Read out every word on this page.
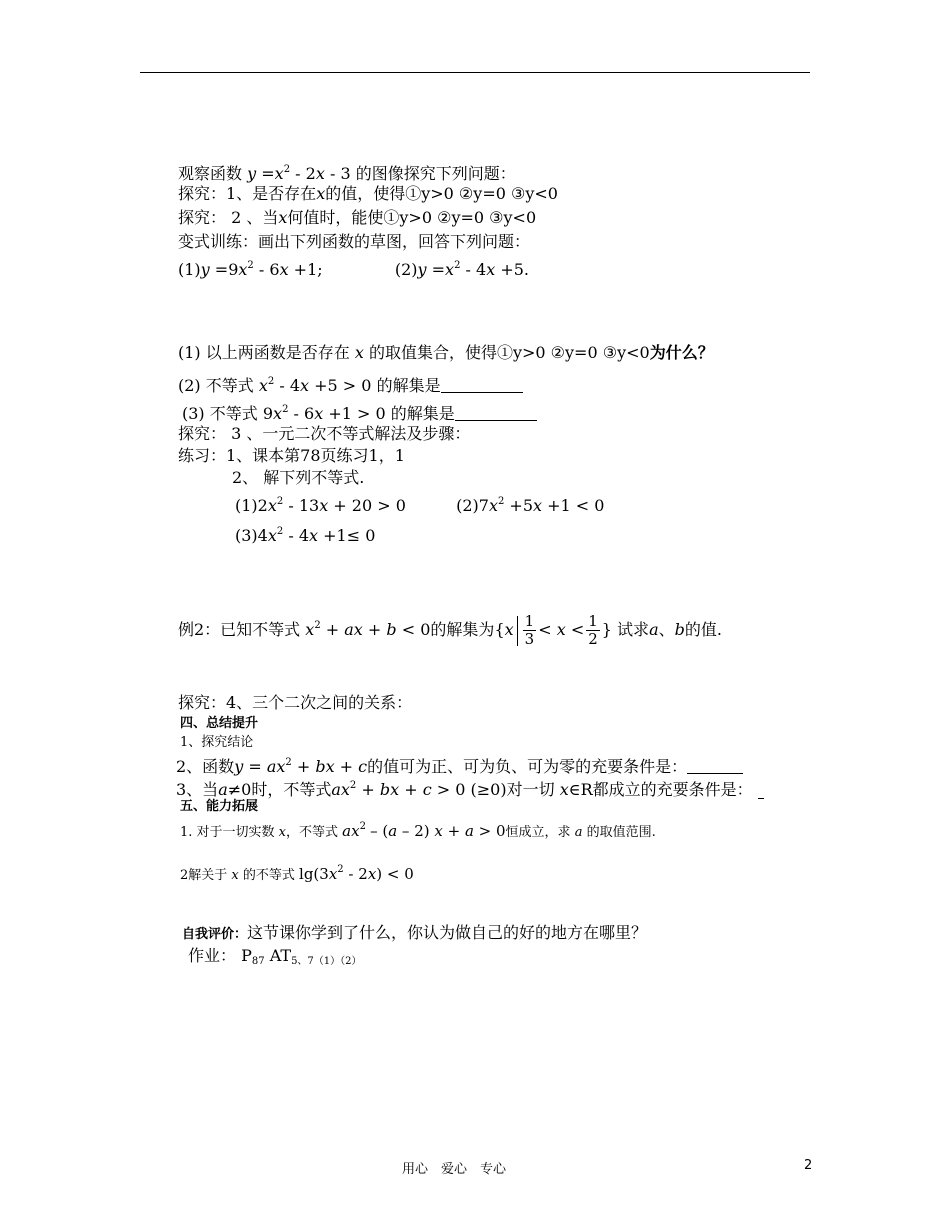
观察函数 $y =x^2 - 2x - 3$ 的图像探究下列问题：
探究：1、是否存在x的值，使得①y>0 ②y=0 ③y<0
探究： 2 、当x何值时，能使①y>0 ②y=0 ③y<0
变式训练：画出下列函数的草图，回答下列问题：
$(1)y =9x^2 - 6x +1$;	$(2)y =x^2 - 4x +5$.
(1) 以上两函数是否存在 x 的取值集合，使得①y>0 ②y=0 ③y<0为什么？
(2) 不等式 $x^2 - 4x +5 > 0$ 的解集是
(3) 不等式 $9x^2 - 6x +1 > 0$ 的解集是
探究： 3 、一元二次不等式解法及步骤：
练习：1、课本第78页练习1，1
2、 解下列不等式.
$(1)2x^2 - 13x + 20 > 0$	$(2)7x^2 +5x +1 < 0$
$(3)4x^2 - 4x +1\le 0$
例2：已知不等式 $x^2$ + ax + b < 0的解集为{$x \frac{1}{3} < x < \frac{1}{2}$ } 试求a、b的值.
探究：4、三个二次之间的关系：
四、总结提升
1、探究结论
2、函数$y = ax^2$ + bx + c的值可为正、可为负、可为零的充要条件是：
3、当a≠0时，不等式$ax^2$ + bx + c > 0 (≥0)对一切 x∈R都成立的充要条件是：
五、能力拓展
1. 对于一切实数 x，不等式 $ax^2 - (a - 2) x + a > 0$恒成立，求 a 的取值范围.
2解关于 x 的不等式 $\lg(3x^2 - 2x) < 0$
自我评价：这节课你学到了什么，你认为做自己的好的地方在哪里？
作业： $P_{87}$ $AT_{5、7(1)(2)}$
用心　爱心　专心	2
